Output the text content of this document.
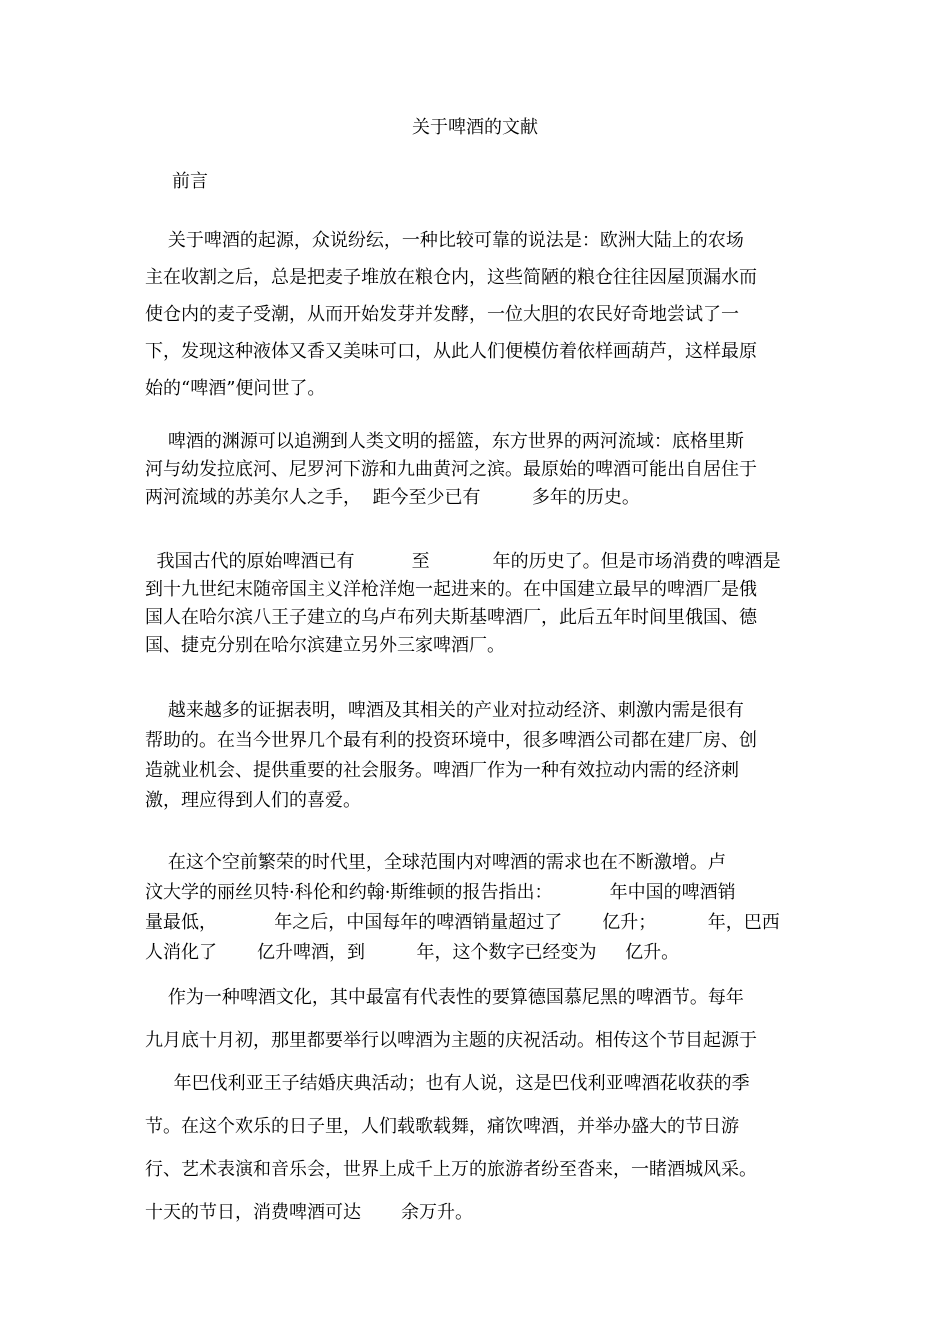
关于啤酒的文献
前言
关于啤酒的起源，众说纷纭，一种比较可靠的说法是：欧洲大陆上的农场
主在收割之后，总是把麦子堆放在粮仓内，这些简陋的粮仓往往因屋顶漏水而
使仓内的麦子受潮，从而开始发芽并发酵，一位大胆的农民好奇地尝试了一
下，发现这种液体又香又美味可口，从此人们便模仿着依样画葫芦，这样最原
始的“啤酒”便问世了。
啤酒的渊源可以追溯到人类文明的摇篮，东方世界的两河流域：底格里斯
河与幼发拉底河、尼罗河下游和九曲黄河之滨。最原始的啤酒可能出自居住于
两河流域的苏美尔人之手，  距今至少已有         多年的历史。
我国古代的原始啤酒已有          至           年的历史了。但是市场消费的啤酒是
到十九世纪末随帝国主义洋枪洋炮一起进来的。在中国建立最早的啤酒厂是俄
国人在哈尔滨八王子建立的乌卢布列夫斯基啤酒厂，此后五年时间里俄国、德
国、捷克分别在哈尔滨建立另外三家啤酒厂。
越来越多的证据表明，啤酒及其相关的产业对拉动经济、刺激内需是很有
帮助的。在当今世界几个最有利的投资环境中，很多啤酒公司都在建厂房、创
造就业机会、提供重要的社会服务。啤酒厂作为一种有效拉动内需的经济刺
激，理应得到人们的喜爱。
在这个空前繁荣的时代里，全球范围内对啤酒的需求也在不断激增。卢
汶大学的丽丝贝特·科伦和约翰·斯维顿的报告指出：          年中国的啤酒销
量最低，          年之后，中国每年的啤酒销量超过了       亿升；         年，巴西
人消化了       亿升啤酒，到         年，这个数字已经变为     亿升。
作为一种啤酒文化，其中最富有代表性的要算德国慕尼黑的啤酒节。每年
九月底十月初，那里都要举行以啤酒为主题的庆祝活动。相传这个节目起源于
年巴伐利亚王子结婚庆典活动；也有人说，这是巴伐利亚啤酒花收获的季
节。在这个欢乐的日子里，人们载歌载舞，痛饮啤酒，并举办盛大的节日游
行、艺术表演和音乐会，世界上成千上万的旅游者纷至沓来，一睹酒城风采。
十天的节日，消费啤酒可达       余万升。
